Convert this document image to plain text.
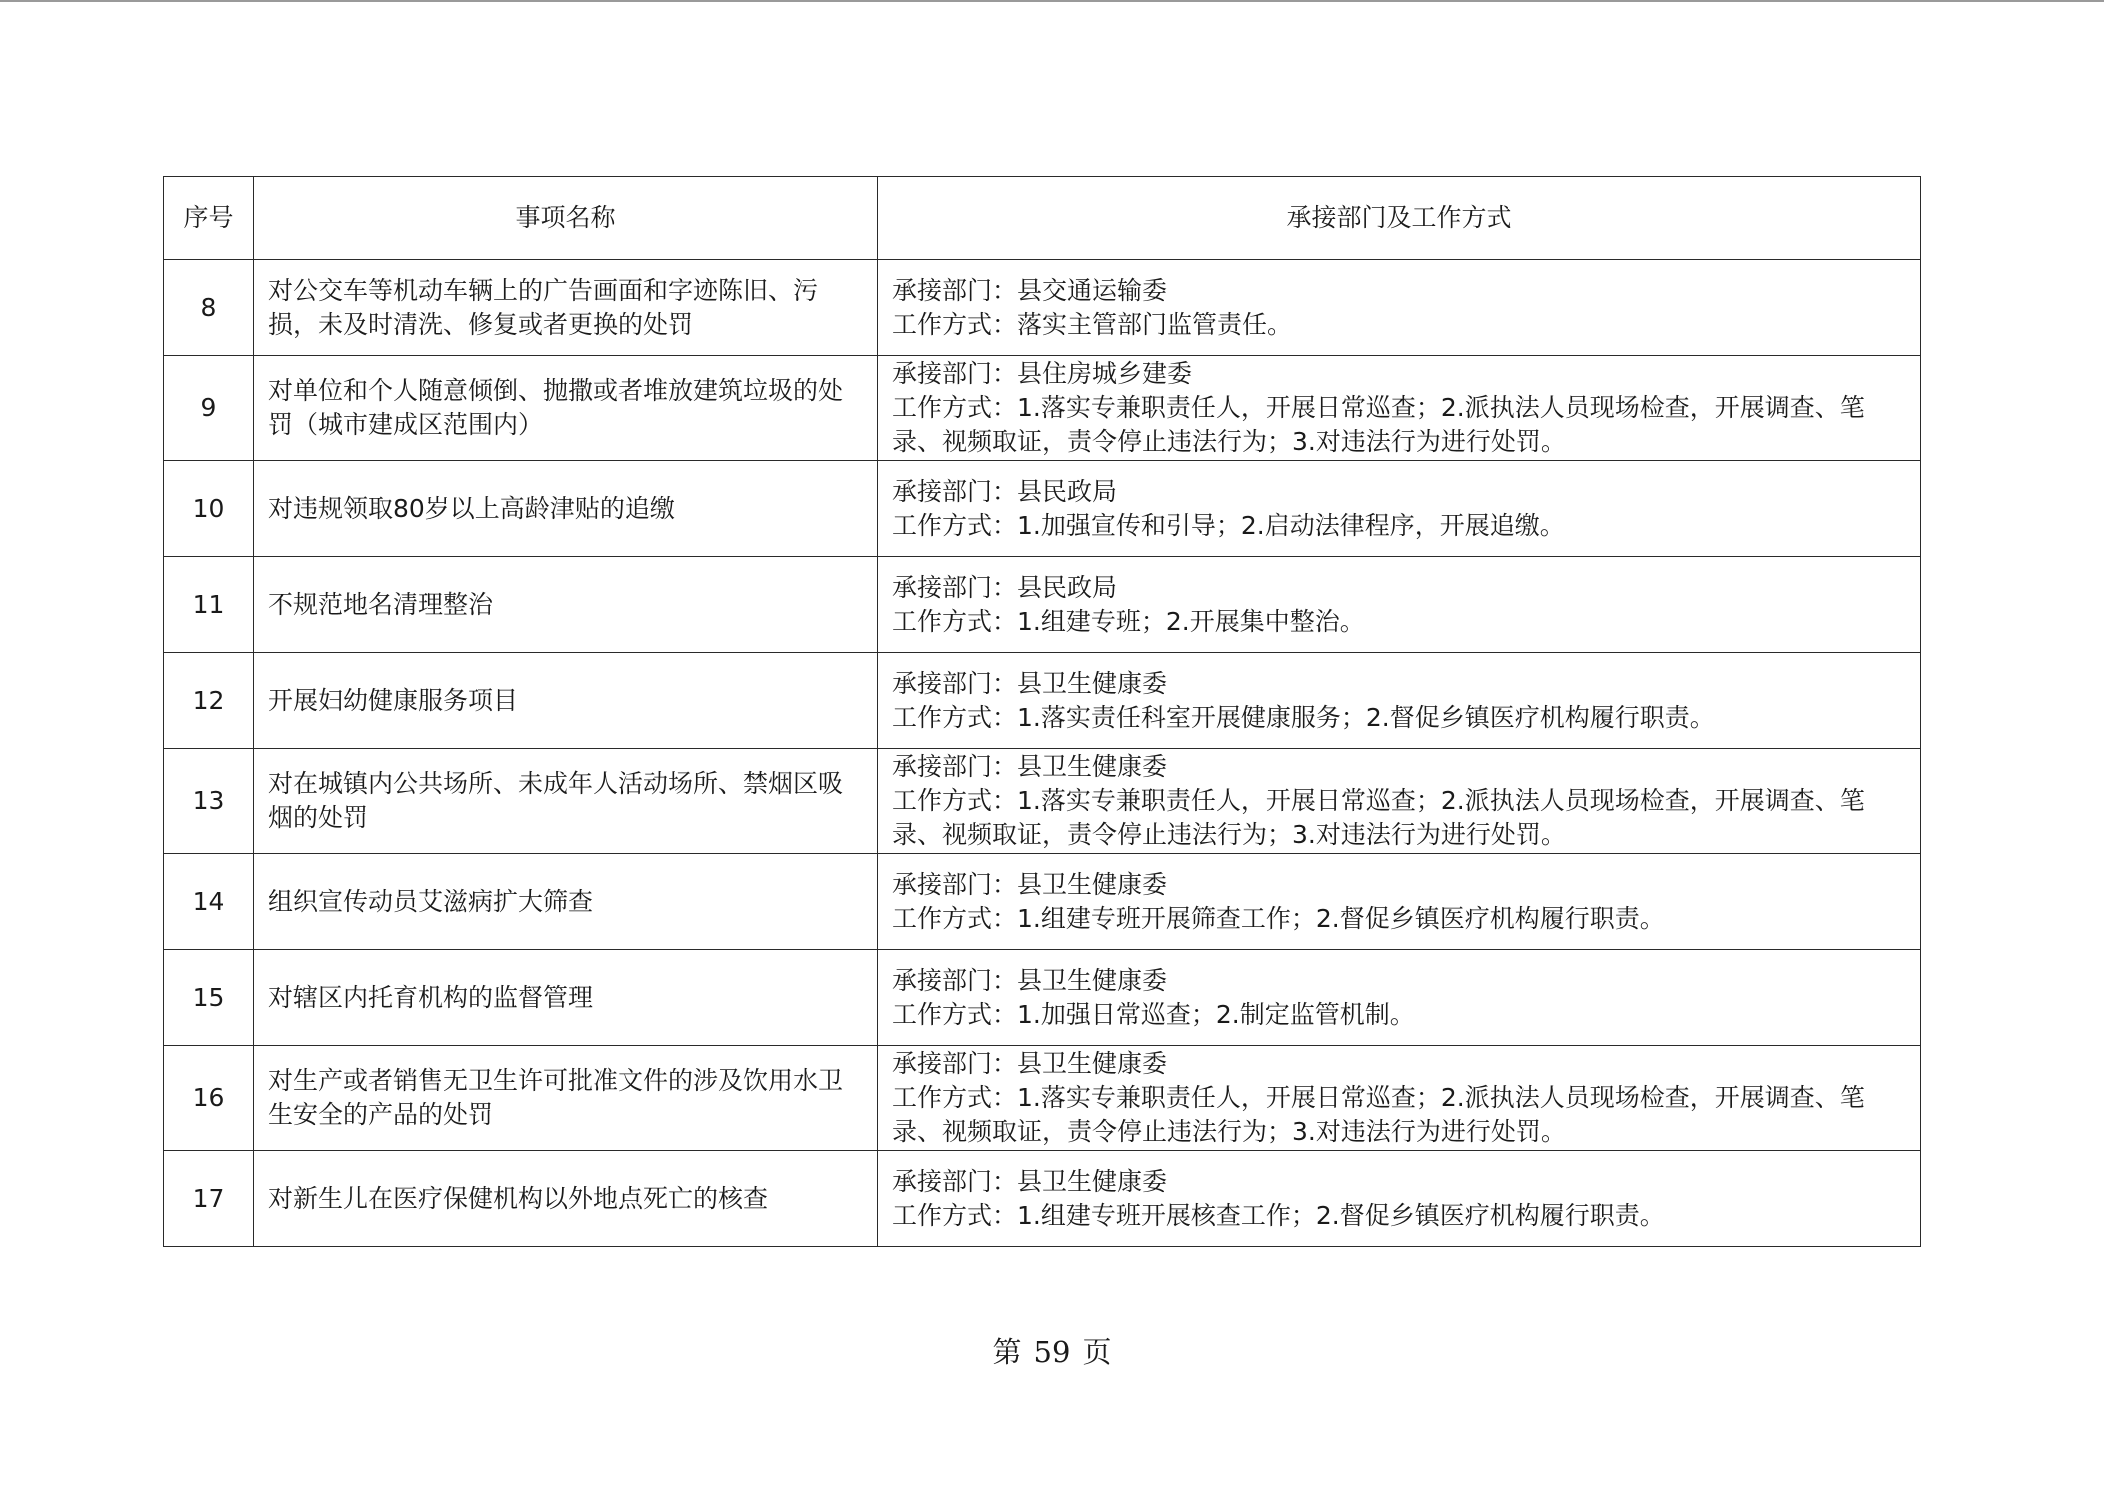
序号	事项名称	承接部门及工作方式
8	对公交车等机动车辆上的广告画面和字迹陈旧、污损，未及时清洗、修复或者更换的处罚	承接部门：县交通运输委
工作方式：落实主管部门监管责任。

9	对单位和个人随意倾倒、抛撒或者堆放建筑垃圾的处罚（城市建成区范围内）	承接部门：县住房城乡建委
工作方式：1.落实专兼职责任人，开展日常巡查；2.派执法人员现场检查，开展调查、笔录、视频取证，责令停止违法行为；3.对违法行为进行处罚。

10	对违规领取80岁以上高龄津贴的追缴	承接部门：县民政局
工作方式：1.加强宣传和引导；2.启动法律程序，开展追缴。

11	不规范地名清理整治	承接部门：县民政局
工作方式：1.组建专班；2.开展集中整治。

12	开展妇幼健康服务项目	承接部门：县卫生健康委
工作方式：1.落实责任科室开展健康服务；2.督促乡镇医疗机构履行职责。

13	对在城镇内公共场所、未成年人活动场所、禁烟区吸烟的处罚	承接部门：县卫生健康委
工作方式：1.落实专兼职责任人，开展日常巡查；2.派执法人员现场检查，开展调查、笔录、视频取证，责令停止违法行为；3.对违法行为进行处罚。

14	组织宣传动员艾滋病扩大筛查	承接部门：县卫生健康委
工作方式：1.组建专班开展筛查工作；2.督促乡镇医疗机构履行职责。

15	对辖区内托育机构的监督管理	承接部门：县卫生健康委
工作方式：1.加强日常巡查；2.制定监管机制。

16	对生产或者销售无卫生许可批准文件的涉及饮用水卫生安全的产品的处罚	承接部门：县卫生健康委
工作方式：1.落实专兼职责任人，开展日常巡查；2.派执法人员现场检查，开展调查、笔录、视频取证，责令停止违法行为；3.对违法行为进行处罚。

17	对新生儿在医疗保健机构以外地点死亡的核查	承接部门：县卫生健康委
工作方式：1.组建专班开展核查工作；2.督促乡镇医疗机构履行职责。
第 59 页
